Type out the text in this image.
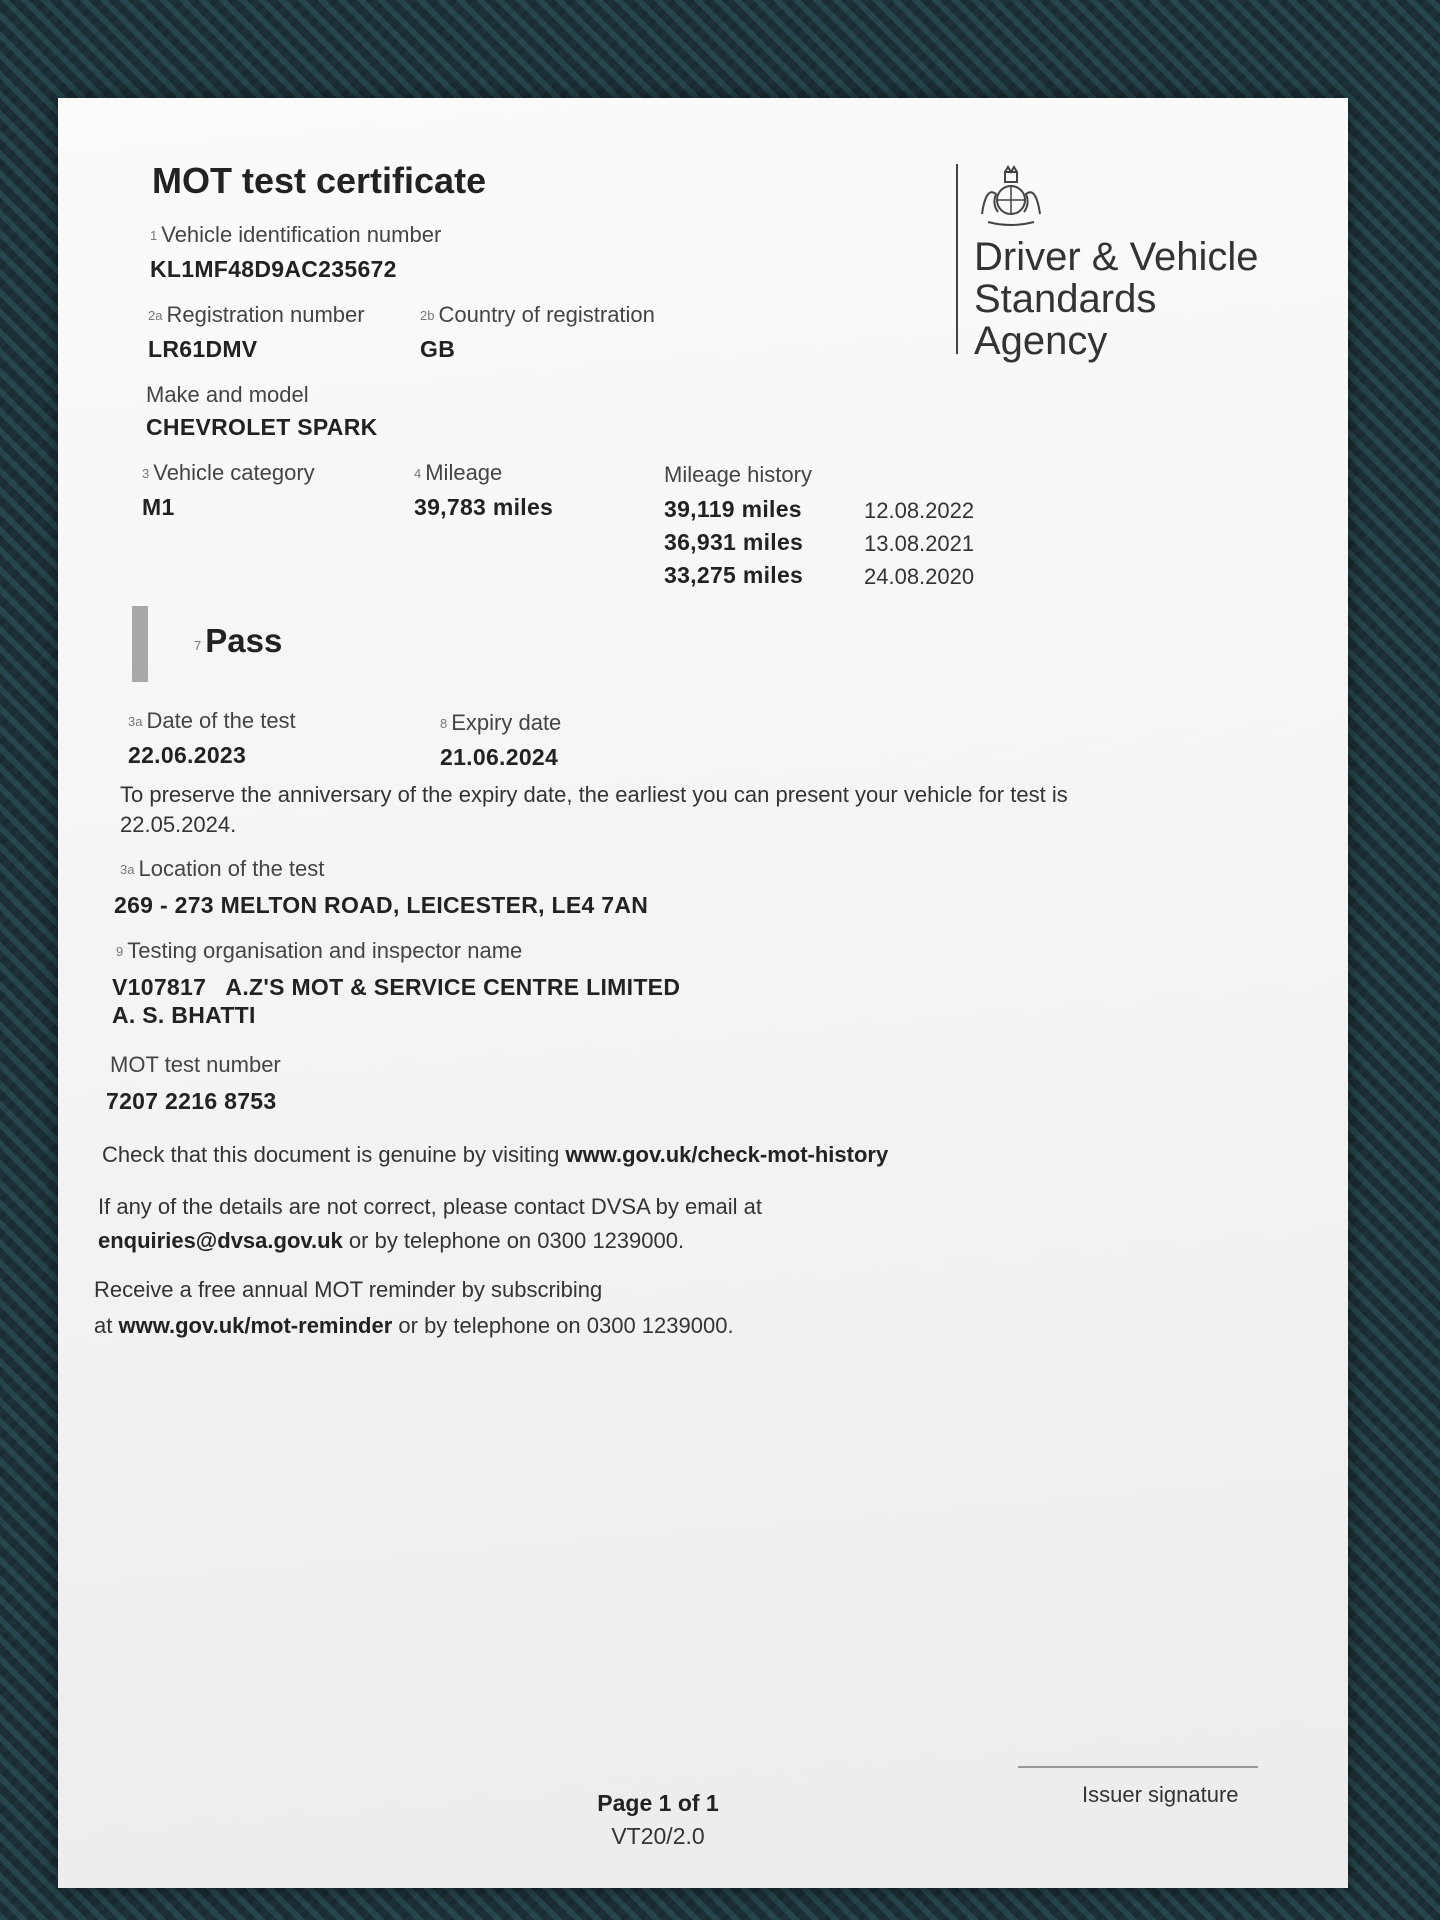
MOT test certificate
Driver & Vehicle
Standards
Agency
1 Vehicle identification number
KL1MF48D9AC235672
2a Registration number
LR61DMV
2b Country of registration
GB
Make and model
CHEVROLET SPARK
3 Vehicle category
M1
4 Mileage
39,783 miles
Mileage history
39,119 miles	12.08.2022
36,931 miles	13.08.2021
33,275 miles	24.08.2020
7 Pass
3a Date of the test
22.06.2023
8 Expiry date
21.06.2024
To preserve the anniversary of the expiry date, the earliest you can present your vehicle for test is
22.05.2024.
3a Location of the test
269 - 273 MELTON ROAD, LEICESTER, LE4 7AN
9 Testing organisation and inspector name
V107817   A.Z'S MOT & SERVICE CENTRE LIMITED
A. S. BHATTI
MOT test number
7207 2216 8753
Check that this document is genuine by visiting www.gov.uk/check-mot-history
If any of the details are not correct, please contact DVSA by email at
enquiries@dvsa.gov.uk or by telephone on 0300 1239000.
Receive a free annual MOT reminder by subscribing
at www.gov.uk/mot-reminder or by telephone on 0300 1239000.
Page 1 of 1
VT20/2.0
Issuer signature
